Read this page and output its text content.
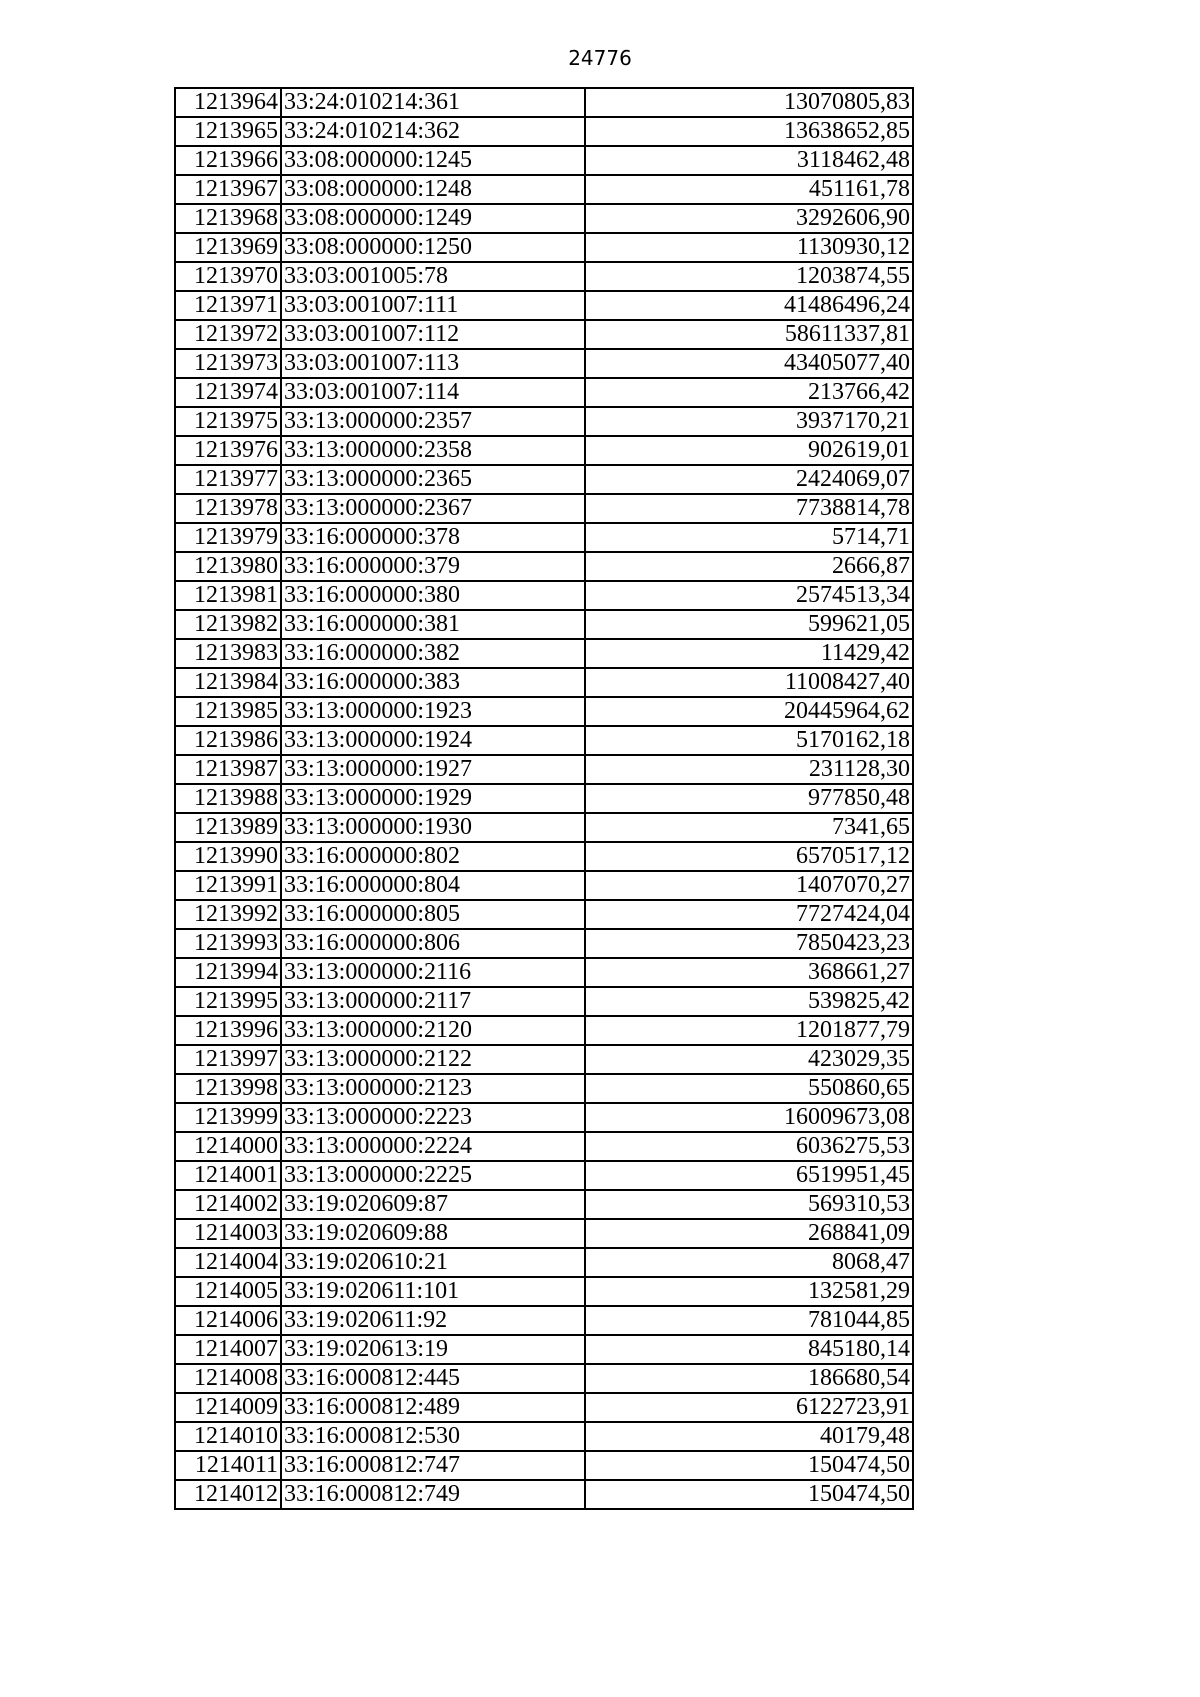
24776
1213964	33:24:010214:361	13070805,83
1213965	33:24:010214:362	13638652,85
1213966	33:08:000000:1245	3118462,48
1213967	33:08:000000:1248	451161,78
1213968	33:08:000000:1249	3292606,90
1213969	33:08:000000:1250	1130930,12
1213970	33:03:001005:78	1203874,55
1213971	33:03:001007:111	41486496,24
1213972	33:03:001007:112	58611337,81
1213973	33:03:001007:113	43405077,40
1213974	33:03:001007:114	213766,42
1213975	33:13:000000:2357	3937170,21
1213976	33:13:000000:2358	902619,01
1213977	33:13:000000:2365	2424069,07
1213978	33:13:000000:2367	7738814,78
1213979	33:16:000000:378	5714,71
1213980	33:16:000000:379	2666,87
1213981	33:16:000000:380	2574513,34
1213982	33:16:000000:381	599621,05
1213983	33:16:000000:382	11429,42
1213984	33:16:000000:383	11008427,40
1213985	33:13:000000:1923	20445964,62
1213986	33:13:000000:1924	5170162,18
1213987	33:13:000000:1927	231128,30
1213988	33:13:000000:1929	977850,48
1213989	33:13:000000:1930	7341,65
1213990	33:16:000000:802	6570517,12
1213991	33:16:000000:804	1407070,27
1213992	33:16:000000:805	7727424,04
1213993	33:16:000000:806	7850423,23
1213994	33:13:000000:2116	368661,27
1213995	33:13:000000:2117	539825,42
1213996	33:13:000000:2120	1201877,79
1213997	33:13:000000:2122	423029,35
1213998	33:13:000000:2123	550860,65
1213999	33:13:000000:2223	16009673,08
1214000	33:13:000000:2224	6036275,53
1214001	33:13:000000:2225	6519951,45
1214002	33:19:020609:87	569310,53
1214003	33:19:020609:88	268841,09
1214004	33:19:020610:21	8068,47
1214005	33:19:020611:101	132581,29
1214006	33:19:020611:92	781044,85
1214007	33:19:020613:19	845180,14
1214008	33:16:000812:445	186680,54
1214009	33:16:000812:489	6122723,91
1214010	33:16:000812:530	40179,48
1214011	33:16:000812:747	150474,50
1214012	33:16:000812:749	150474,50
